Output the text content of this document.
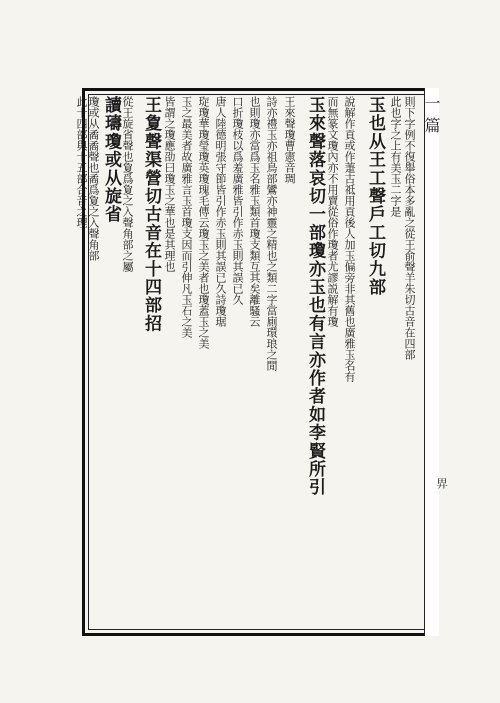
一篇
𢌿
則下字例不復舉俗本多亂之從王俞聲羊朱切古音在四部
此也字之上有美玉二字是
玉也从王工聲戶工切九部
說解作貢或作萐古祗用貢後人加玉偏旁非其舊也廣雅玉名有
而無篆文瓊內亦不用賣從俗作瓊者尤謬説解有瓊
玉來聲落哀切一部瓊亦玉也有言亦作者如李賢所引
王來聲瓊曹憲音琱
詩亦禮玉亦祖鳥部鸞亦神靈之精也之類二字當廁環琅之閒
也則瓊亦當爲玉名雅玉類首瓊支類互其矣離騷云
口折瓊枝以爲羞廣雅皆引作赤玉則其誤已久
唐人陸德明張守節皆引作赤玉則其誤已久詩瓊琚
琁瓊華瓊瑩瓊英瓊瑰毛傳云瓊玉之美者也瓊蓋玉之美
玉之最美者故廣雅言玉首瓊支因而引伸凡玉石之美
皆謂之瓊應劭曰瓊玉之華也是其理也
王夐聲渠營切古音在十四部招
從王旋省聲也夐爲夐之入聲角部之屬
讀璹瓊或从旋省
瓊或从矞矞聲也矞爲夐之入聲角部
此十四部與十五部合音之理
